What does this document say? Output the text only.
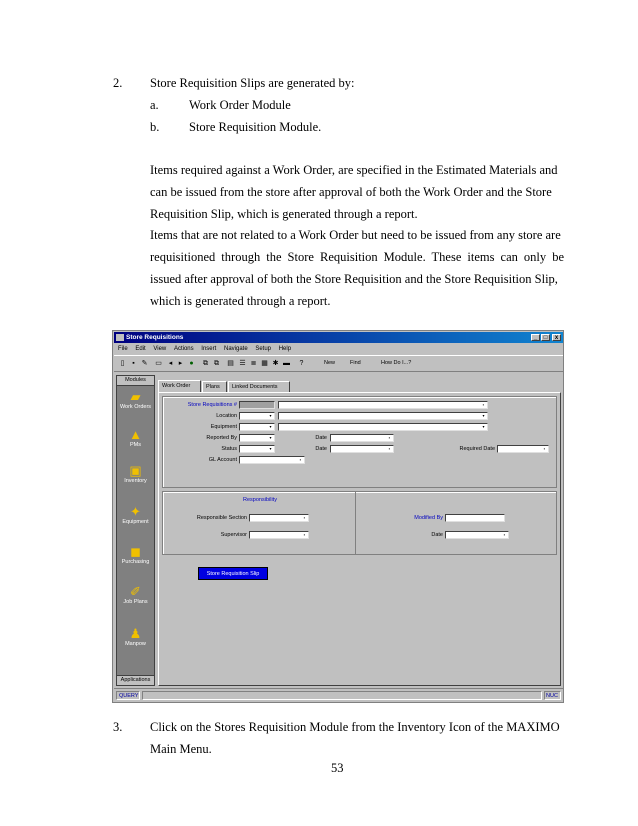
2. Store Requisition Slips are generated by:
a. Work Order Module
b. Store Requisition Module.
Items required against a Work Order, are specified in the Estimated Materials and
can be issued from the store after approval of both the Work Order and the Store
Requisition Slip, which is generated through a report.
Items that are not related to a Work Order but need to be issued from any store are
requisitioned through the Store Requisition Module. These items can only be
issued after approval of both the Store Requisition and the Store Requisition Slip,
which is generated through a report.
Store Requisitions	_	□	x
File Edit View Actions Insert Navigate Setup Help
▯	▪ ✎ ▭ ◂ ▸	●	⧉ ⧉ ▤ ☰ ≣ ▦ ✱ ▬	?	New	Find	How Do I...?
Modules
▰
Work Orders
▲
PMs
▣
Inventory
✦
Equipment
◼
Purchasing
✐
Job Plans
♟
Manpow
Applications
Work Order	Plans	Linked Documents
Store Requisitions #	▪
Location	▾	▾
Equipment	▾	▾
Reported By	▾	Date	▪
Status	▾	Date	▪	Required Date	▪
GL Account	▪
Responsibility
Responsible Section	▪
Supervisor	▪
Modified By
Date	▪
Store Requisition Slip
QUERY	NUC
3. Click on the Stores Requisition Module from the Inventory Icon of the MAXIMO
Main Menu.
53
